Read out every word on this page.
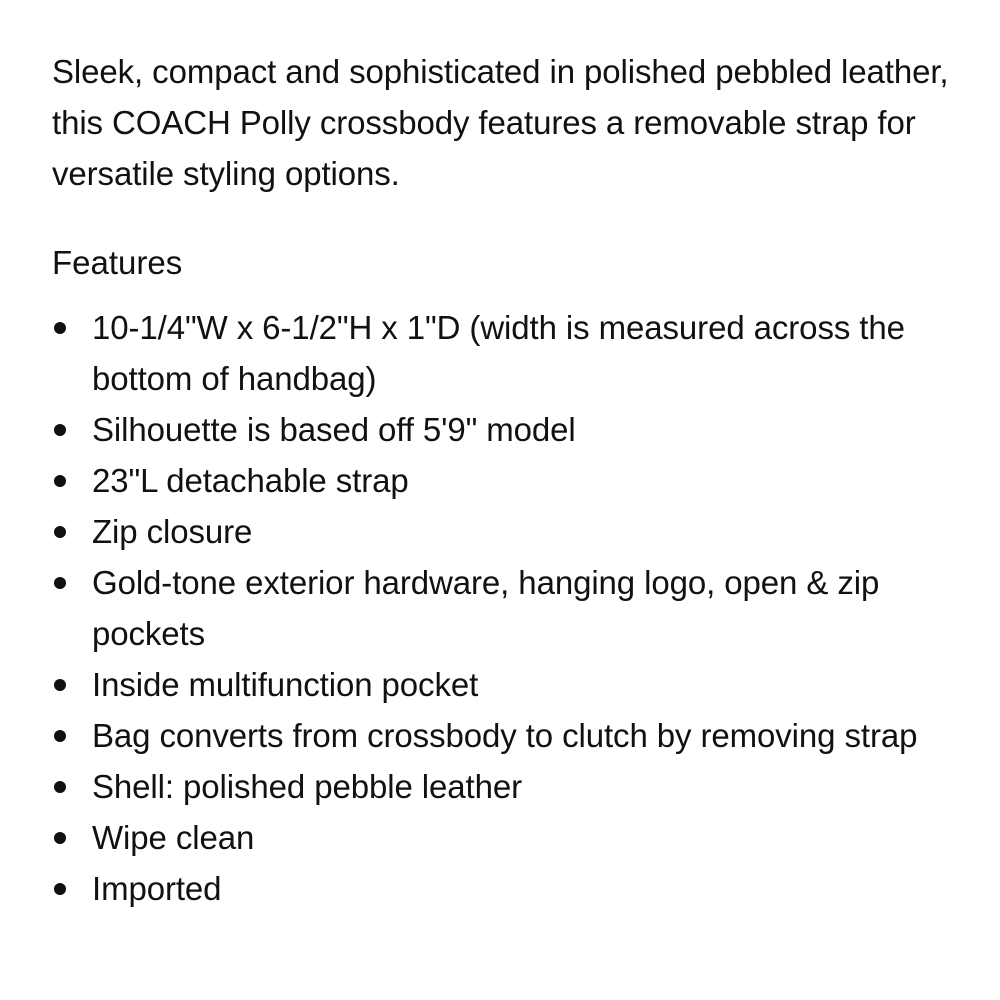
Sleek, compact and sophisticated in polished pebbled leather, this COACH Polly crossbody features a removable strap for versatile styling options.

Features
10-1/4"W x 6-1/2"H x 1"D (width is measured across the bottom of handbag)
Silhouette is based off 5'9" model
23"L detachable strap
Zip closure
Gold-tone exterior hardware, hanging logo, open & zip pockets
Inside multifunction pocket
Bag converts from crossbody to clutch by removing strap
Shell: polished pebble leather
Wipe clean
Imported
